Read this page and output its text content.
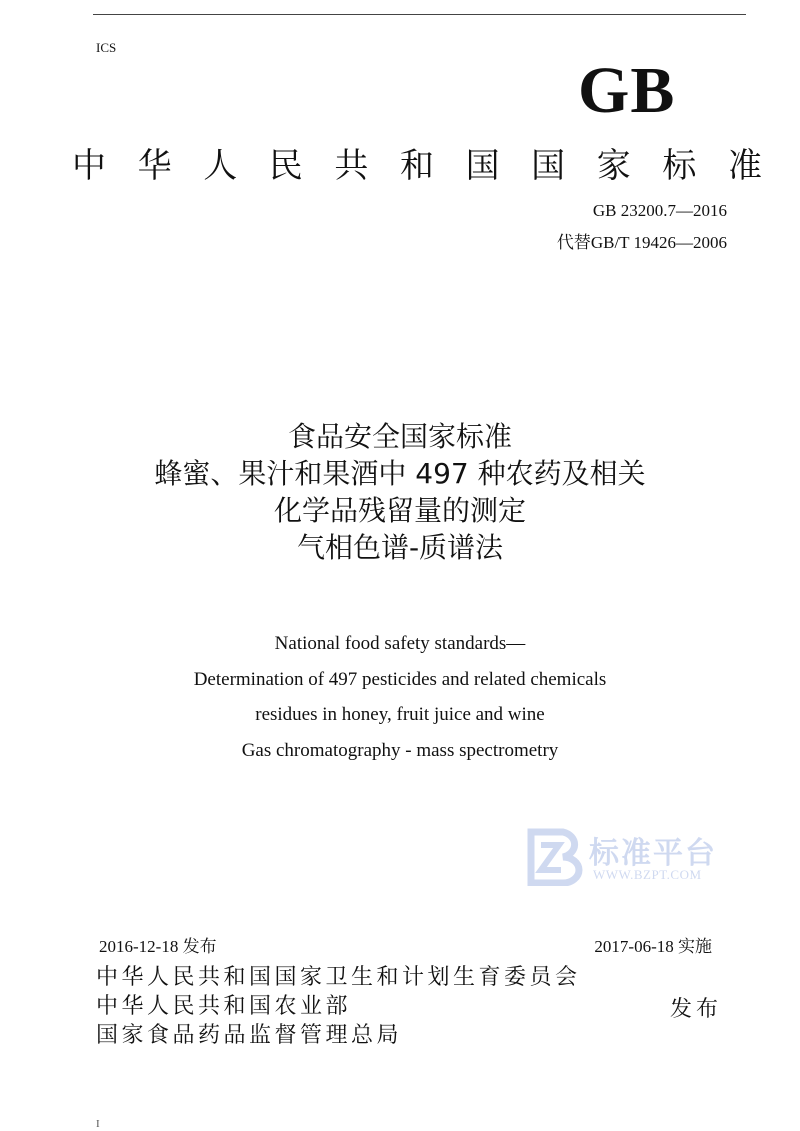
ICS
GB
中 华 人 民 共 和 国 国 家 标 准
GB 23200.7—2016
代替GB/T 19426—2006
食品安全国家标准
蜂蜜、果汁和果酒中 497 种农药及相关
化学品残留量的测定
气相色谱-质谱法
National food safety standards—
Determination of 497 pesticides and related chemicals
residues in honey, fruit juice and wine
Gas chromatography - mass spectrometry
标准平台
WWW.BZPT.COM
2016-12-18 发布	2017-06-18 实施
中华人民共和国国家卫生和计划生育委员会
中华人民共和国农业部
国家食品药品监督管理总局
发布
I
